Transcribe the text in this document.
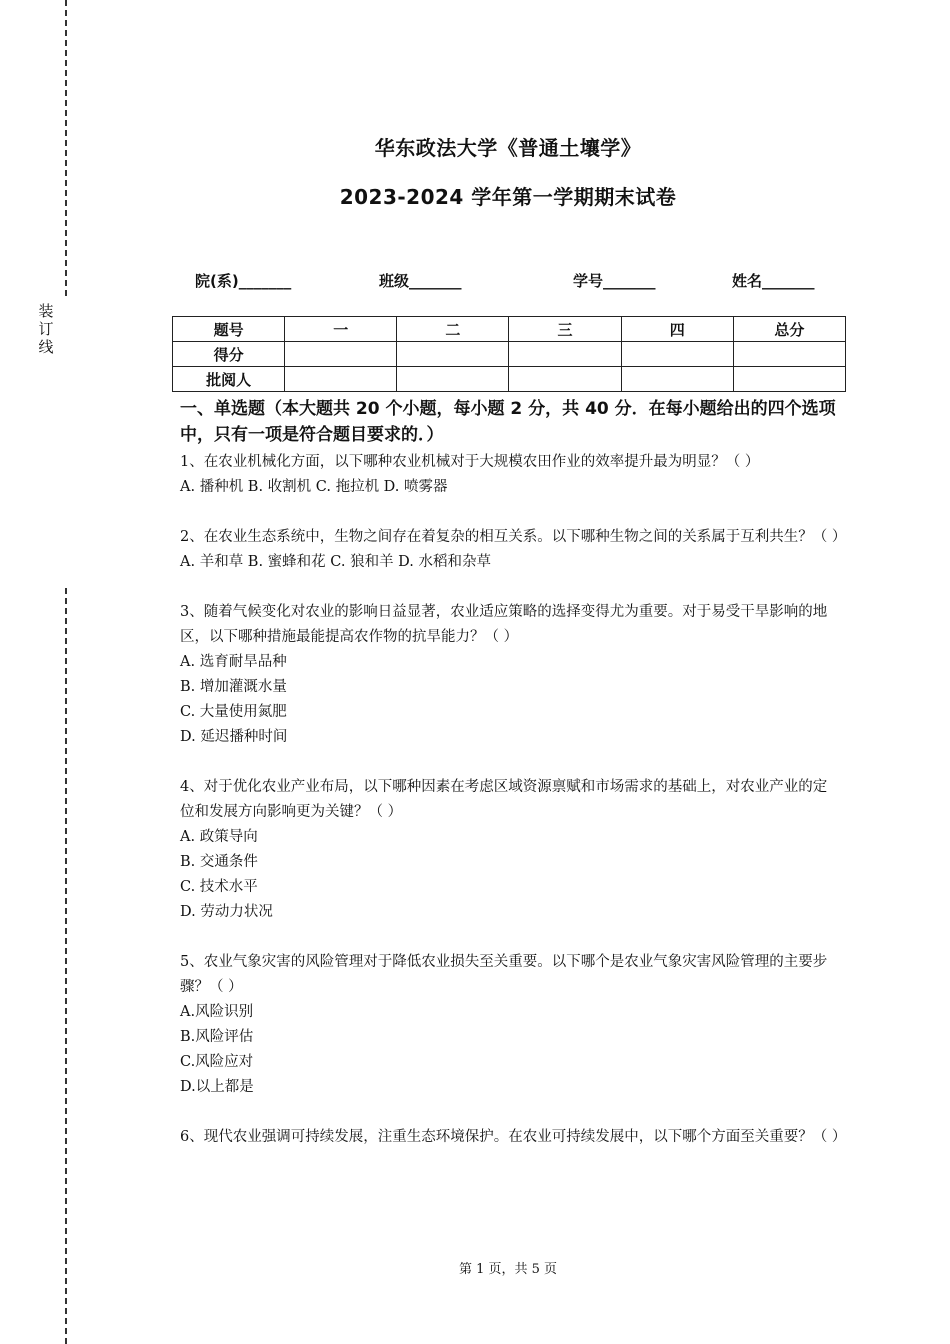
装
订
线
华东政法大学《普通土壤学》
2023-2024 学年第一学期期末试卷
院(系)_______	班级_______	学号_______	姓名_______
题号	一	二	三	四	总分
得分					
批阅人					
一、单选题（本大题共 20 个小题，每小题 2 分，共 40 分．在每小题给出的四个选项中，只有一项是符合题目要求的．）
1、在农业机械化方面，以下哪种农业机械对于大规模农田作业的效率提升最为明显？（ ）
A. 播种机 B. 收割机 C. 拖拉机 D. 喷雾器
2、在农业生态系统中，生物之间存在着复杂的相互关系。以下哪种生物之间的关系属于互利共生？（ ）
A. 羊和草 B. 蜜蜂和花 C. 狼和羊 D. 水稻和杂草
3、随着气候变化对农业的影响日益显著，农业适应策略的选择变得尤为重要。对于易受干旱影响的地区，以下哪种措施最能提高农作物的抗旱能力？（ ）
A. 选育耐旱品种
B. 增加灌溉水量
C. 大量使用氮肥
D. 延迟播种时间
4、对于优化农业产业布局，以下哪种因素在考虑区域资源禀赋和市场需求的基础上，对农业产业的定位和发展方向影响更为关键？（ ）
A. 政策导向
B. 交通条件
C. 技术水平
D. 劳动力状况
5、农业气象灾害的风险管理对于降低农业损失至关重要。以下哪个是农业气象灾害风险管理的主要步骤？（ ）
A.风险识别
B.风险评估
C.风险应对
D.以上都是
6、现代农业强调可持续发展，注重生态环境保护。在农业可持续发展中，以下哪个方面至关重要？（ ）
第 1 页，共 5 页
